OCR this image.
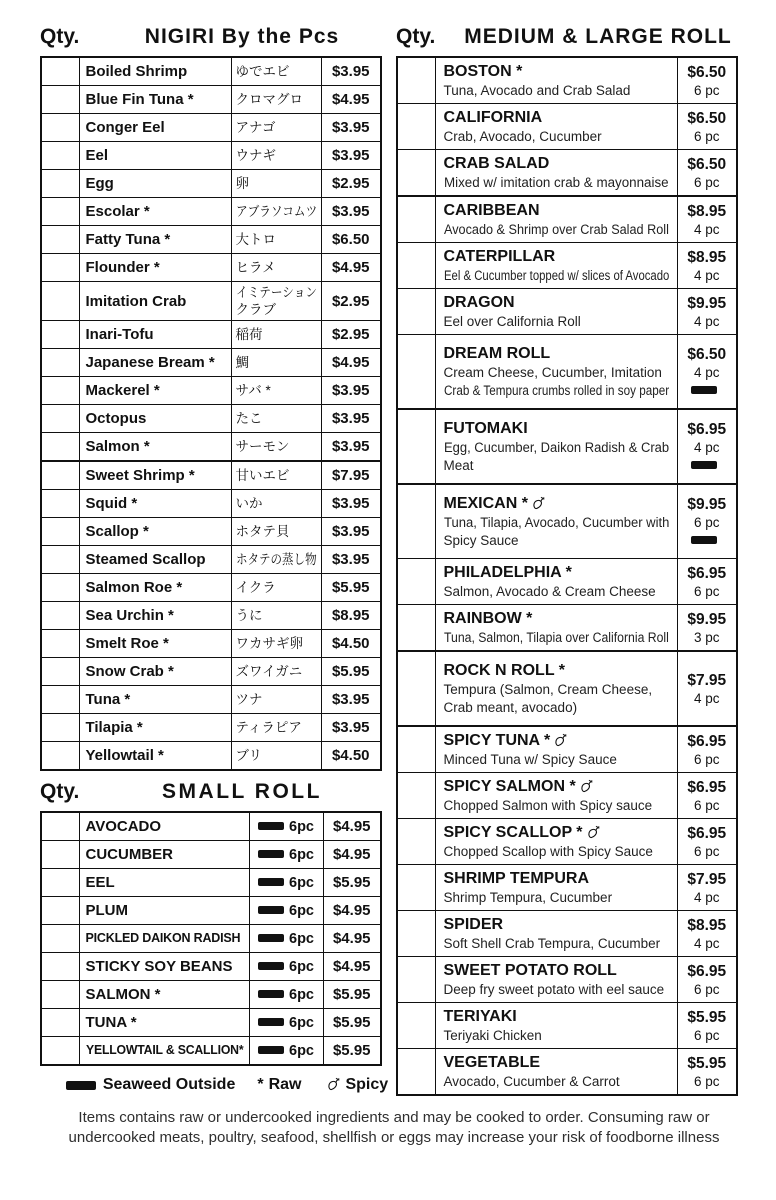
Qty.	NIGIRI By the Pcs
	Boiled Shrimp	ゆでエビ	$3.95
	Blue Fin Tuna *	クロマグロ	$4.95
	Conger Eel	アナゴ	$3.95
	Eel	ウナギ	$3.95
	Egg	卵	$2.95
	Escolar *	アブラソコムツ	$3.95
	Fatty Tuna *	大トロ	$6.50
	Flounder *	ヒラメ	$4.95
	Imitation Crab	イミテーション
クラブ	$2.95
	Inari-Tofu	稲荷	$2.95
	Japanese Bream *	鯛	$4.95
	Mackerel *	サバ *	$3.95
	Octopus	たこ	$3.95
	Salmon *	サーモン	$3.95
	Sweet Shrimp *	甘いエビ	$7.95
	Squid *	いか	$3.95
	Scallop *	ホタテ貝	$3.95
	Steamed Scallop	ホタテの蒸し物	$3.95
	Salmon Roe *	イクラ	$5.95
	Sea Urchin *	うに	$8.95
	Smelt Roe *	ワカサギ卵	$4.50
	Snow Crab *	ズワイガニ	$5.95
	Tuna *	ツナ	$3.95
	Tilapia *	ティラピア	$3.95
	Yellowtail *	ブリ	$4.50
Qty.	SMALL ROLL
	AVOCADO	6pc	$4.95
	CUCUMBER	6pc	$4.95
	EEL	6pc	$5.95
	PLUM	6pc	$4.95
	PICKLED DAIKON RADISH	6pc	$4.95
	STICKY SOY BEANS	6pc	$4.95
	SALMON *	6pc	$5.95
	TUNA *	6pc	$5.95
	YELLOWTAIL & SCALLION*	6pc	$5.95
Seaweed Outside * Raw	Spicy
Qty.	MEDIUM & LARGE ROLL

BOSTON *
Tuna, Avocado and Crab Salad

$6.50
6 pc

CALIFORNIA
Crab, Avocado, Cucumber

$6.50
6 pc

CRAB SALAD
Mixed w/ imitation crab & mayonnaise

$6.50
6 pc

CARIBBEAN
Avocado & Shrimp over Crab Salad Roll

$8.95
4 pc

CATERPILLAR
Eel & Cucumber topped w/ slices of Avocado

$8.95
4 pc

DRAGON
Eel over California Roll

$9.95
4 pc

DREAM ROLL
Cream Cheese, Cucumber, Imitation
Crab & Tempura crumbs rolled in soy paper

$6.50
4 pc

FUTOMAKI
Egg, Cucumber, Daikon Radish & Crab
Meat

$6.95
4 pc

MEXICAN *
Tuna, Tilapia, Avocado, Cucumber with
Spicy Sauce

$9.95
6 pc

PHILADELPHIA *
Salmon, Avocado & Cream Cheese

$6.95
6 pc

RAINBOW *
Tuna, Salmon, Tilapia over California Roll

$9.95
3 pc

ROCK N ROLL *
Tempura (Salmon, Cream Cheese,
Crab meant, avocado)

$7.95
4 pc

SPICY TUNA *
Minced Tuna w/ Spicy Sauce

$6.95
6 pc

SPICY SALMON *
Chopped Salmon with Spicy sauce

$6.95
6 pc

SPICY SCALLOP *
Chopped Scallop with Spicy Sauce

$6.95
6 pc

SHRIMP TEMPURA
Shrimp Tempura, Cucumber

$7.95
4 pc

SPIDER
Soft Shell Crab Tempura, Cucumber

$8.95
4 pc

SWEET POTATO ROLL
Deep fry sweet potato with eel sauce

$6.95
6 pc

TERIYAKI
Teriyaki Chicken

$5.95
6 pc

VEGETABLE
Avocado, Cucumber & Carrot

$5.95
6 pc
Items contains raw or undercooked ingredients and may be cooked to order. Consuming raw or undercooked meats, poultry, seafood, shellfish or eggs may increase your risk of foodborne illness
